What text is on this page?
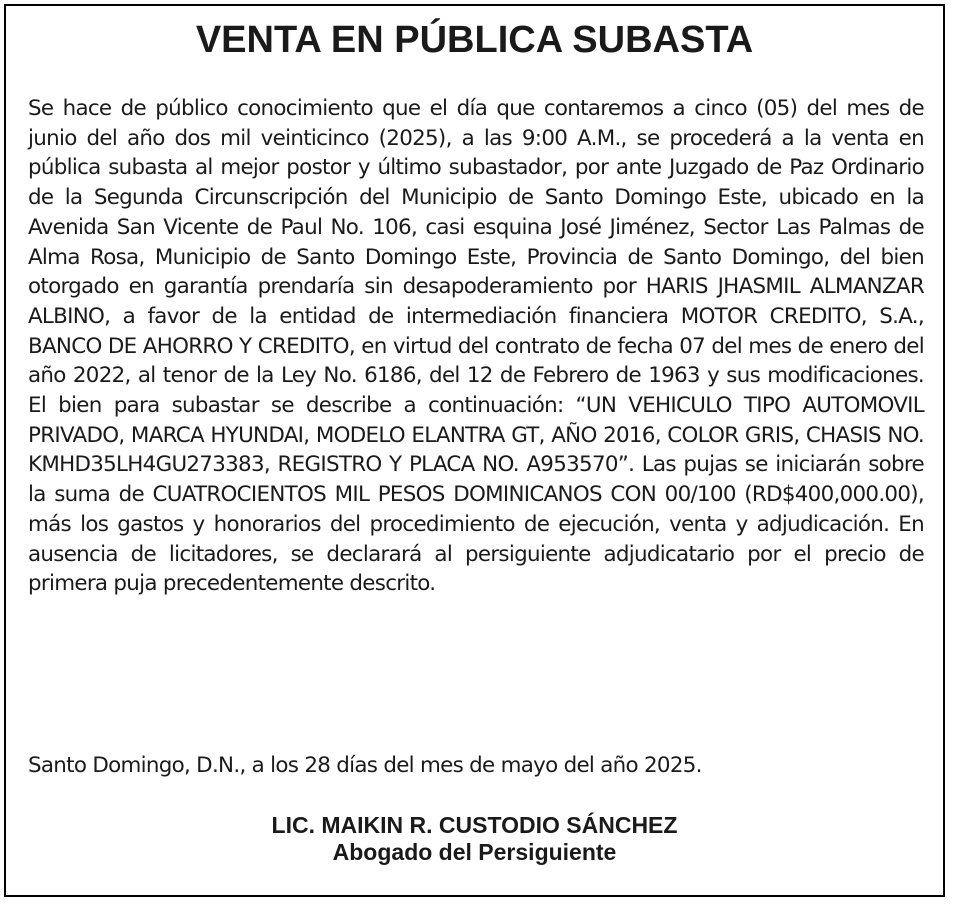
VENTA EN PÚBLICA SUBASTA

Se hace de público conocimiento que el día que contaremos a cinco (05) del mes de junio del año dos mil veinticinco (2025), a las 9:00 A.M., se procederá a la venta en pública subasta al mejor postor y último subastador, por ante Juzgado de Paz Ordinario de la Segunda Circunscripción del Municipio de Santo Domingo Este, ubicado en la Avenida San Vicente de Paul No. 106, casi esquina José Jiménez, Sector Las Palmas de Alma Rosa, Municipio de Santo Domingo Este, Provincia de Santo Domingo, del bien otorgado en garantía prendaría sin desapoderamiento por HARIS JHASMIL ALMANZAR ALBINO, a favor de la entidad de intermediación financiera MOTOR CREDITO, S.A., BANCO DE AHORRO Y CREDITO, en virtud del contrato de fecha 07 del mes de enero del año 2022, al tenor de la Ley No. 6186, del 12 de Febrero de 1963 y sus modificaciones. El bien para subastar se describe a continuación: “UN VEHICULO TIPO AUTOMOVIL PRIVADO, MARCA HYUNDAI, MODELO ELANTRA GT, AÑO 2016, COLOR GRIS, CHASIS NO. KMHD35LH4GU273383, REGISTRO Y PLACA NO. A953570”. Las pujas se iniciarán sobre la suma de CUATROCIENTOS MIL PESOS DOMINICANOS CON 00/100 (RD$400,000.00), más los gastos y honorarios del procedimiento de ejecución, venta y adjudicación. En ausencia de licitadores, se declarará al persiguiente adjudicatario por el precio de primera puja precedentemente descrito.

Santo Domingo, D.N., a los 28 días del mes de mayo del año 2025.

LIC. MAIKIN R. CUSTODIO SÁNCHEZ
Abogado del Persiguiente
